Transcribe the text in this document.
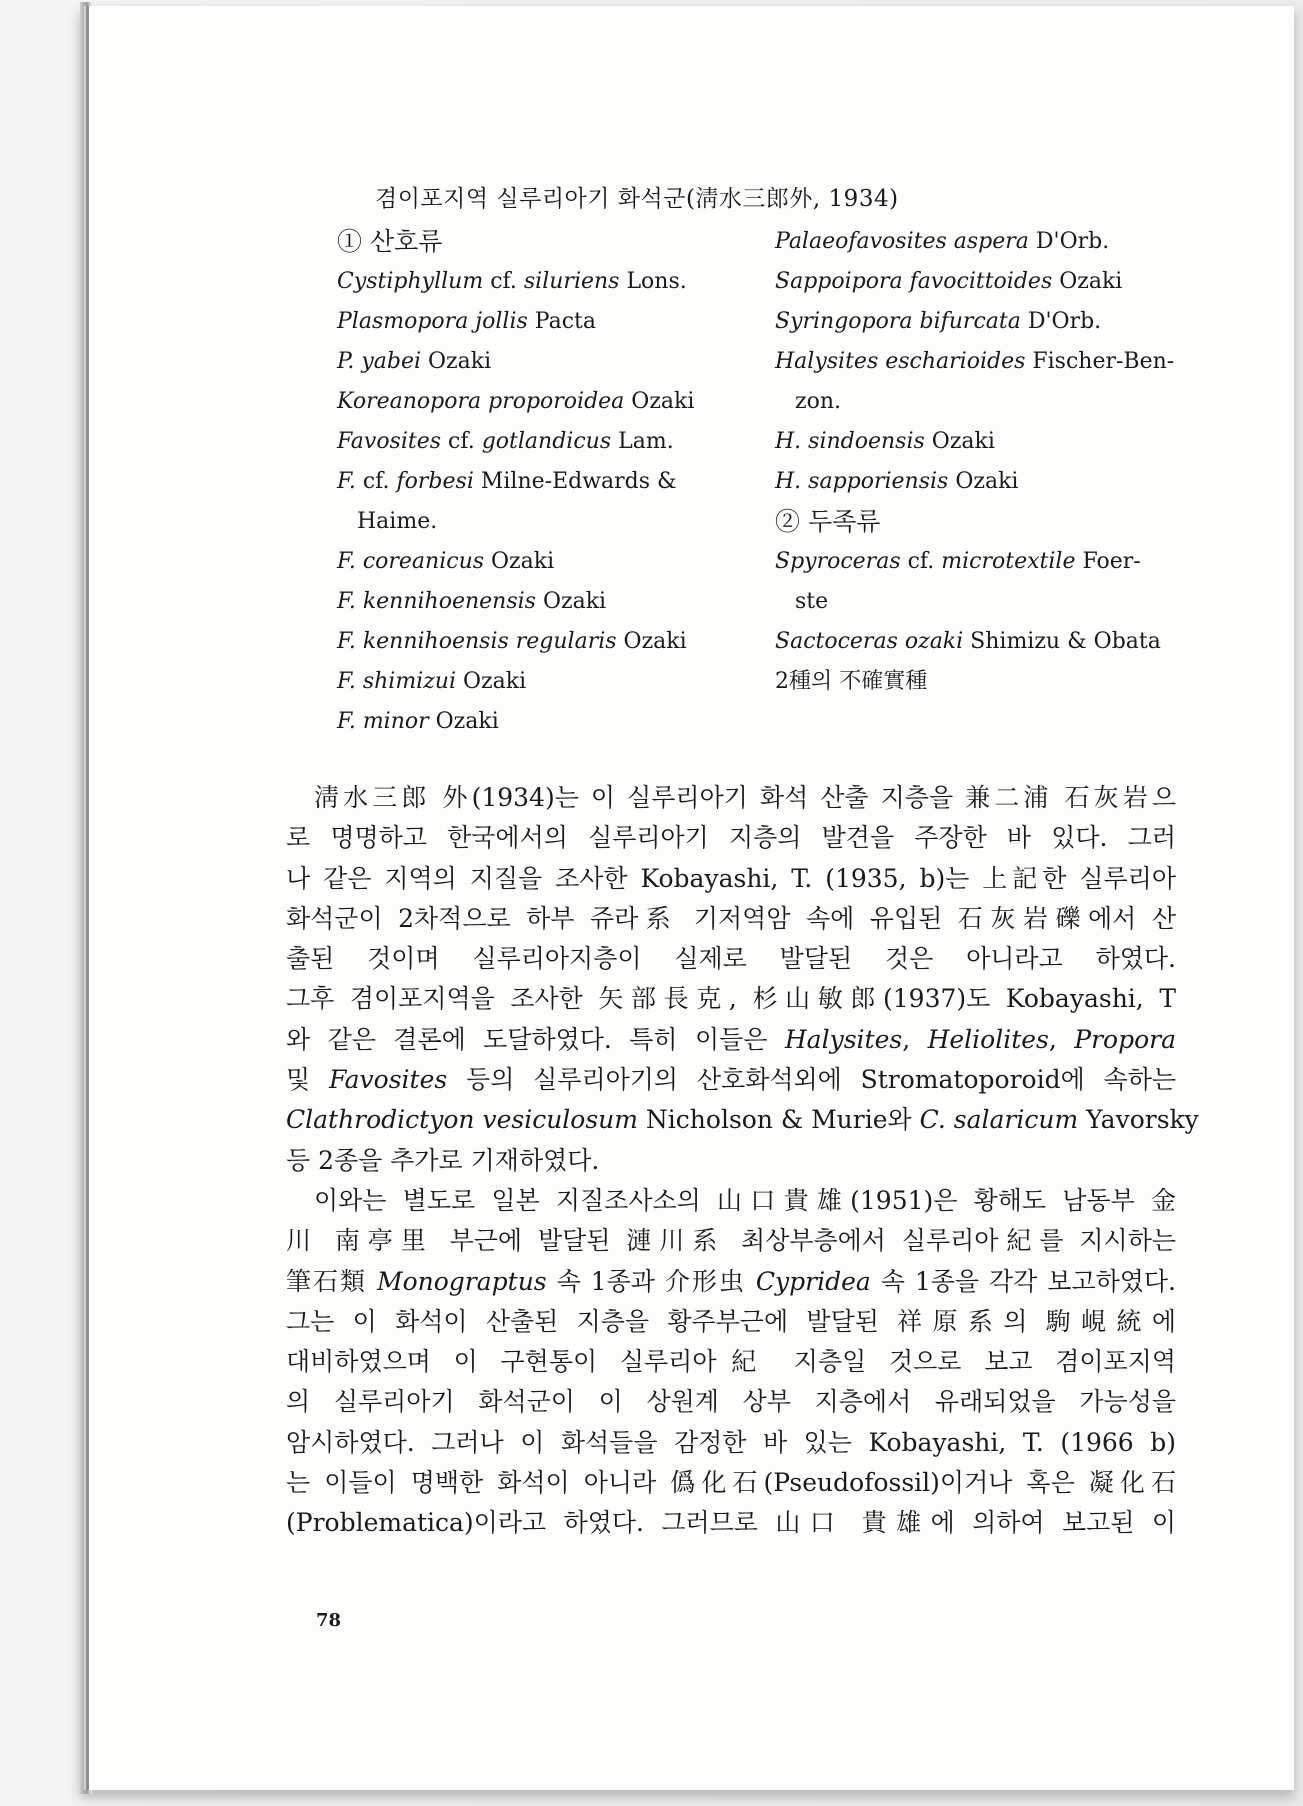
겸이포지역 실루리아기 화석군(淸水三郎外, 1934)
① 산호류
Cystiphyllum cf. siluriens Lons.
Plasmopora jollis Pacta
P. yabei Ozaki
Koreanopora proporoidea Ozaki
Favosites cf. gotlandicus Lam.
F. cf. forbesi Milne-Edwards &
Haime.
F. coreanicus Ozaki
F. kennihoenensis Ozaki
F. kennihoensis regularis Ozaki
F. shimizui Ozaki
F. minor Ozaki
Palaeofavosites aspera D'Orb.
Sappoipora favocittoides Ozaki
Syringopora bifurcata D'Orb.
Halysites escharioides Fischer-Ben-
zon.
H. sindoensis Ozaki
H. sapporiensis Ozaki
② 두족류
Spyroceras cf. microtextile Foer-
ste
Sactoceras ozaki Shimizu & Obata
2種의 不確實種
淸水三郎 外(1934)는 이 실루리아기 화석 산출 지층을 兼二浦 石灰岩으
로 명명하고 한국에서의 실루리아기 지층의 발견을 주장한 바 있다. 그러
나 같은 지역의 지질을 조사한 Kobayashi, T. (1935, b)는 上記한 실루리아
화석군이 2차적으로 하부 쥬라系 기저역암 속에 유입된 石灰岩礫에서 산
출된 것이며 실루리아지층이 실제로 발달된 것은 아니라고 하였다.
그후 겸이포지역을 조사한 矢部長克, 杉山敏郎(1937)도 Kobayashi, T
와 같은 결론에 도달하였다. 특히 이들은 Halysites, Heliolites, Propora
및 Favosites 등의 실루리아기의 산호화석외에 Stromatoporoid에 속하는
Clathrodictyon vesiculosum Nicholson & Murie와 C. salaricum Yavorsky
등 2종을 추가로 기재하였다.
이와는 별도로 일본 지질조사소의 山口貴雄(1951)은 황해도 남동부 金
川 南亭里 부근에 발달된 漣川系 최상부층에서 실루리아紀를 지시하는
筆石類 Monograptus 속 1종과 介形虫 Cypridea 속 1종을 각각 보고하였다.
그는 이 화석이 산출된 지층을 황주부근에 발달된 祥原系의 駒峴統에
대비하였으며 이 구현통이 실루리아紀 지층일 것으로 보고 겸이포지역
의 실루리아기 화석군이 이 상원계 상부 지층에서 유래되었을 가능성을
암시하였다. 그러나 이 화석들을 감정한 바 있는 Kobayashi, T. (1966 b)
는 이들이 명백한 화석이 아니라 僞化石(Pseudofossil)이거나 혹은 凝化石
(Problematica)이라고 하였다. 그러므로 山口 貴雄에 의하여 보고된 이
78
